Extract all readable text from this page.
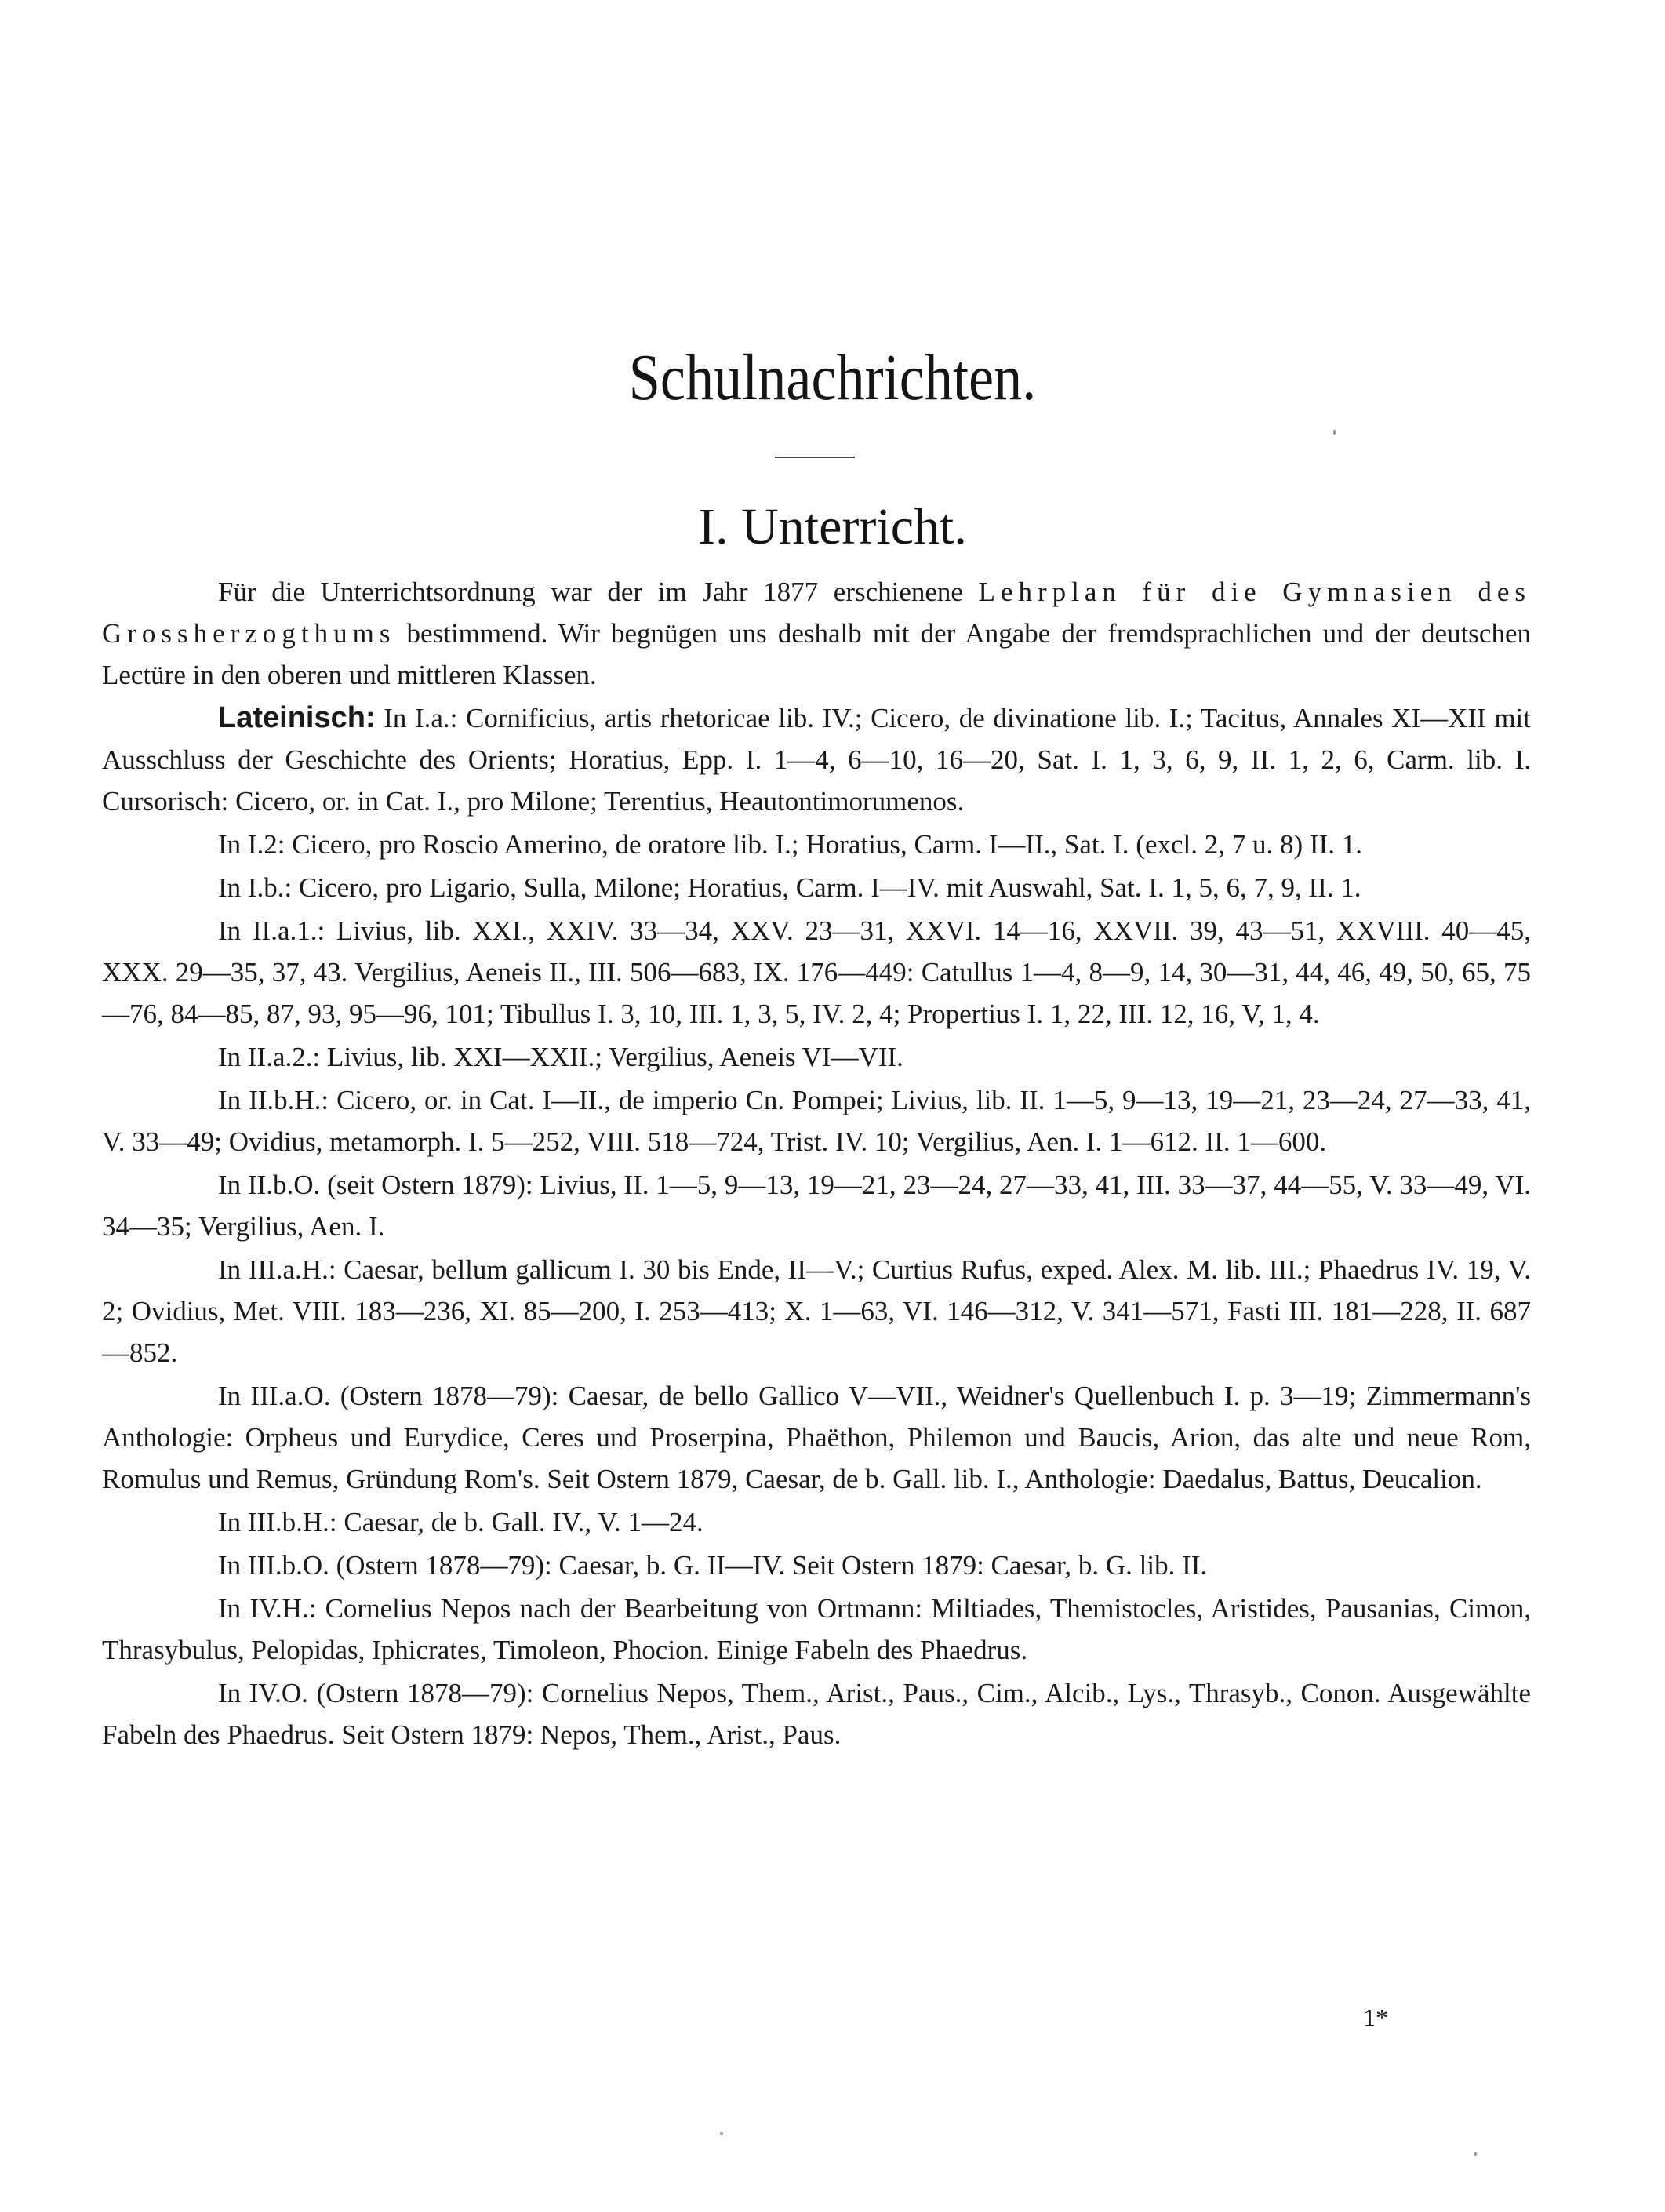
Schulnachrichten.
I. Unterricht.

Für die Unterrichtsordnung war der im Jahr 1877 erschienene Lehrplan für die Gymnasien des Grossherzogthums bestimmend. Wir begnügen uns deshalb mit der Angabe der fremdsprachlichen und der deutschen Lectüre in den oberen und mittleren Klassen.

Lateinisch: In I.a.: Cornificius, artis rhetoricae lib. IV.; Cicero, de divinatione lib. I.; Tacitus, Annales XI—XII mit Ausschluss der Geschichte des Orients; Horatius, Epp. I. 1—4, 6—10, 16—20, Sat. I. 1, 3, 6, 9, II. 1, 2, 6, Carm. lib. I. Cursorisch: Cicero, or. in Cat. I., pro Milone; Terentius, Heautontimorumenos.

In I.2: Cicero, pro Roscio Amerino, de oratore lib. I.; Horatius, Carm. I—II., Sat. I. (excl. 2, 7 u. 8) II. 1.

In I.b.: Cicero, pro Ligario, Sulla, Milone; Horatius, Carm. I—IV. mit Auswahl, Sat. I. 1, 5, 6, 7, 9, II. 1.

In II.a.1.: Livius, lib. XXI., XXIV. 33—34, XXV. 23—31, XXVI. 14—16, XXVII. 39, 43—51, XXVIII. 40—45, XXX. 29—35, 37, 43. Vergilius, Aeneis II., III. 506—683, IX. 176—449: Catullus 1—4, 8—9, 14, 30—31, 44, 46, 49, 50, 65, 75—76, 84—85, 87, 93, 95—96, 101; Tibullus I. 3, 10, III. 1, 3, 5, IV. 2, 4; Propertius I. 1, 22, III. 12, 16, V, 1, 4.

In II.a.2.: Livius, lib. XXI—XXII.; Vergilius, Aeneis VI—VII.

In II.b.H.: Cicero, or. in Cat. I—II., de imperio Cn. Pompei; Livius, lib. II. 1—5, 9—13, 19—21, 23—24, 27—33, 41, V. 33—49; Ovidius, metamorph. I. 5—252, VIII. 518—724, Trist. IV. 10; Vergilius, Aen. I. 1—612. II. 1—600.

In II.b.O. (seit Ostern 1879): Livius, II. 1—5, 9—13, 19—21, 23—24, 27—33, 41, III. 33—37, 44—55, V. 33—49, VI. 34—35; Vergilius, Aen. I.

In III.a.H.: Caesar, bellum gallicum I. 30 bis Ende, II—V.; Curtius Rufus, exped. Alex. M. lib. III.; Phaedrus IV. 19, V. 2; Ovidius, Met. VIII. 183—236, XI. 85—200, I. 253—413; X. 1—63, VI. 146—312, V. 341—571, Fasti III. 181—228, II. 687—852.

In III.a.O. (Ostern 1878—79): Caesar, de bello Gallico V—VII., Weidner's Quellenbuch I. p. 3—19; Zimmermann's Anthologie: Orpheus und Eurydice, Ceres und Proserpina, Phaëthon, Philemon und Baucis, Arion, das alte und neue Rom, Romulus und Remus, Gründung Rom's. Seit Ostern 1879, Caesar, de b. Gall. lib. I., Anthologie: Daedalus, Battus, Deucalion.

In III.b.H.: Caesar, de b. Gall. IV., V. 1—24.

In III.b.O. (Ostern 1878—79): Caesar, b. G. II—IV. Seit Ostern 1879: Caesar, b. G. lib. II.

In IV.H.: Cornelius Nepos nach der Bearbeitung von Ortmann: Miltiades, Themistocles, Aristides, Pausanias, Cimon, Thrasybulus, Pelopidas, Iphicrates, Timoleon, Phocion. Einige Fabeln des Phaedrus.

In IV.O. (Ostern 1878—79): Cornelius Nepos, Them., Arist., Paus., Cim., Alcib., Lys., Thrasyb., Conon. Ausgewählte Fabeln des Phaedrus. Seit Ostern 1879: Nepos, Them., Arist., Paus.

1*
